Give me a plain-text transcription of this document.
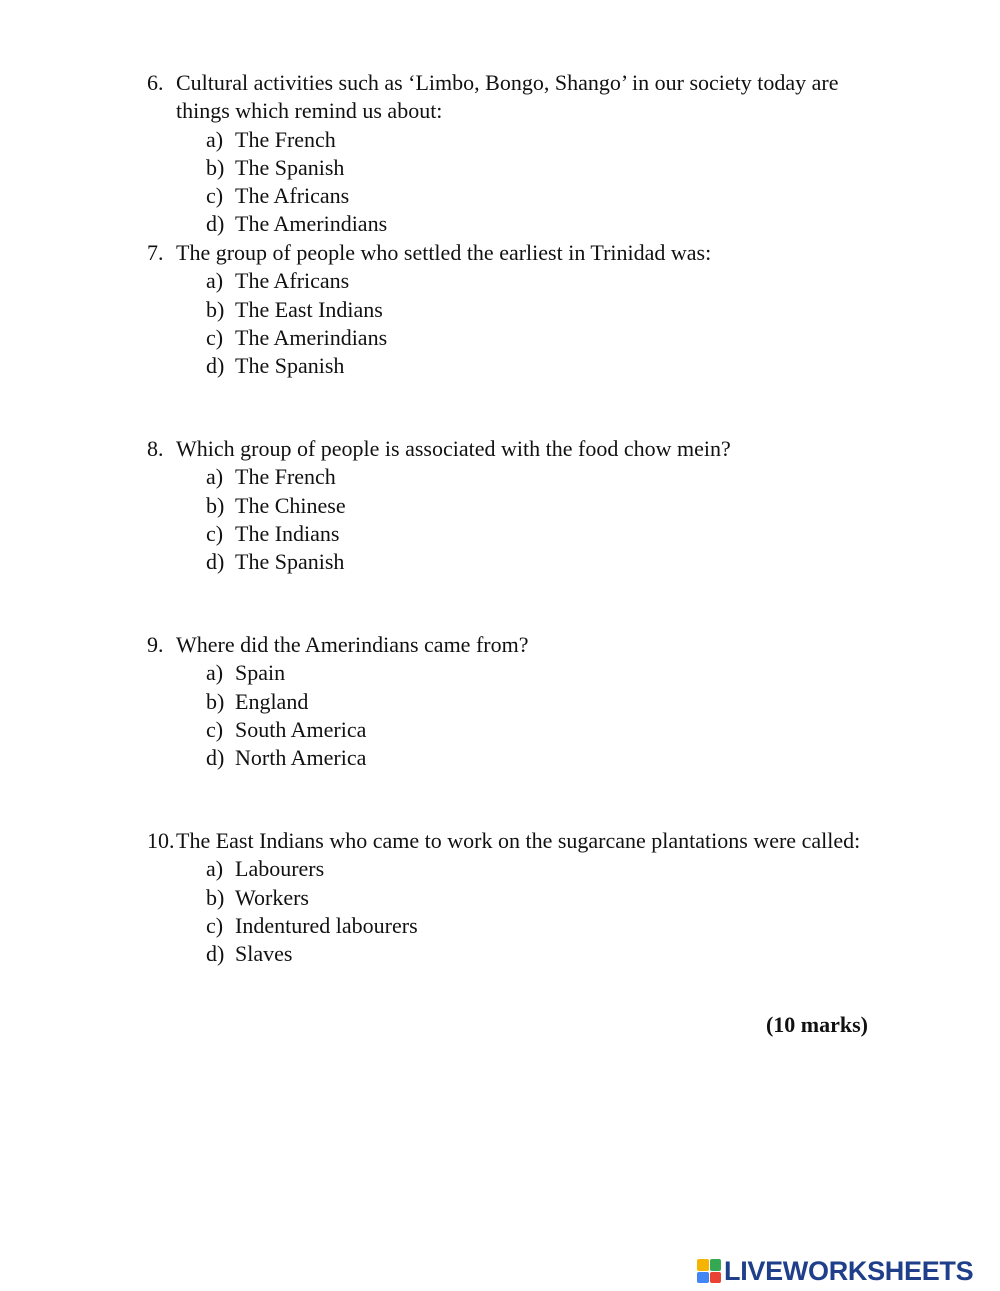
6. Cultural activities such as ‘Limbo, Bongo, Shango’ in our society today are things which remind us about:
a) The French
b) The Spanish
c) The Africans
d) The Amerindians
7. The group of people who settled the earliest in Trinidad was:
a) The Africans
b) The East Indians
c) The Amerindians
d) The Spanish
8. Which group of people is associated with the food chow mein?
a) The French
b) The Chinese
c) The Indians
d) The Spanish
9. Where did the Amerindians came from?
a) Spain
b) England
c) South America
d) North America
10. The East Indians who came to work on the sugarcane plantations were called:
a) Labourers
b) Workers
c) Indentured labourers
d) Slaves
(10 marks)
LIVEWORKSHEETS
